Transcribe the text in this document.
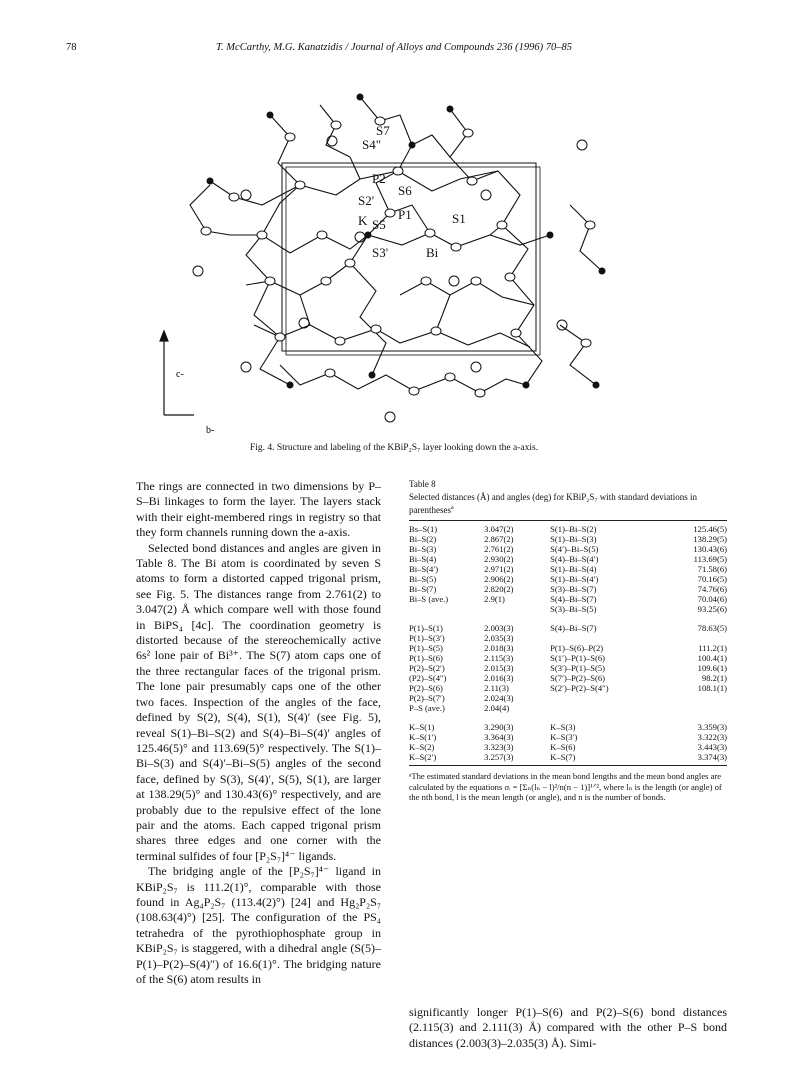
78	T. McCarthy, M.G. Kanatzidis / Journal of Alloys and Compounds 236 (1996) 70–85
S7
S4"
P2
S6
S2'
P1
K S5	S1
S3'	Bi
c-
b-
Fig. 4. Structure and labeling of the KBiP₂S₇ layer looking down the a-axis.

The rings are connected in two dimensions by P–S–Bi linkages to form the layer. The layers stack with their eight-membered rings in registry so that they form channels running down the a-axis.

Selected bond distances and angles are given in Table 8. The Bi atom is coordinated by seven S atoms to form a distorted capped trigonal prism, see Fig. 5. The distances range from 2.761(2) to 3.047(2) Å which compare well with those found in BiPS₄ [4c]. The coordination geometry is distorted because of the stereochemically active 6s² lone pair of Bi³⁺. The S(7) atom caps one of the three rectangular faces of the trigonal prism. The lone pair presumably caps one of the other two faces. Inspection of the angles of the face, defined by S(2), S(4), S(1), S(4)′ (see Fig. 5), reveal S(1)–Bi–S(2) and S(4)–Bi–S(4)′ angles of 125.46(5)° and 113.69(5)° respectively. The S(1)–Bi–S(3) and S(4)′–Bi–S(5) angles of the second face, defined by S(3), S(4)′, S(5), S(1), are larger at 138.29(5)° and 130.43(6)° respectively, and are probably due to the repulsive effect of the lone pair and the atoms. Each capped trigonal prism shares three edges and one corner with the terminal sulfides of four [P₂S₇]⁴⁻ ligands.

The bridging angle of the [P₂S₇]⁴⁻ ligand in KBiP₂S₇ is 111.2(1)°, comparable with those found in Ag₄P₂S₇ (113.4(2)°) [24] and Hg₂P₂S₇ (108.63(4)°) [25]. The configuration of the PS₄ tetrahedra of the pyrothiophosphate group in KBiP₂S₇ is staggered, with a dihedral angle (S(5)–P(1)–P(2)–S(4)″) of 16.6(1)°. The bridging nature of the S(6) atom results in

Table 8
Selected distances (Å) and angles (deg) for KBiP₂S₇ with standard deviations in parentheses$^a$
Bs–S(1)	3.047(2)	S(1)–Bi–S(2)	125.46(5)
Bi–S(2)	2.867(2)	S(1)–Bi–S(3)	138.29(5)
Bi–S(3)	2.761(2)	S(4′)–Bi–S(5)	130.43(6)
Bi–S(4)	2.930(2)	S(4)–Bi–S(4′)	113.69(5)
Bi–S(4′)	2.971(2)	S(1)–Bi–S(4)	71.58(6)
Bi–S(5)	2.906(2)	S(1)–Bi–S(4′)	70.16(5)
Bi–S(7)	2.820(2)	S(3)–Bi–S(7)	74.76(6)
Bi–S (ave.)	2.9(1)	S(4)–Bi–S(7)	70.04(6)
		S(3)–Bi–S(5)	93.25(6)

P(1)–S(1)	2.003(3)	S(4)–Bi–S(7)	78.63(5)
P(1)–S(3′)	2.035(3)		
P(1)–S(5)	2.018(3)	P(1)–S(6)–P(2)	111.2(1)
P(1)–S(6)	2.115(3)	S(1′)–P(1)–S(6)	100.4(1)
P(2)–S(2′)	2.015(3)	S(3′)–P(1)–S(5)	109.6(1)
(P2)–S(4″)	2.016(3)	S(7′)–P(2)–S(6)	98.2(1)
P(2)–S(6)	2.11(3)	S(2′)–P(2)–S(4″)	108.1(1)
P(2)–S(7′)	2.024(3)		
P–S (ave.)	2.04(4)		

K–S(1)	3.290(3)	K–S(3)	3.359(3)
K–S(1′)	3.364(3)	K–S(3′)	3.322(3)
K–S(2)	3.323(3)	K–S(6)	3.443(3)
K–S(2′)	3.257(3)	K–S(7)	3.374(3)
ᵃThe estimated standard deviations in the mean bond lengths and the mean bond angles are calculated by the equations σᵢ = [Σₙ(lₙ − l)²/n(n − 1)]¹ᐟ², where lₙ is the length (or angle) of the nth bond, l is the mean length (or angle), and n is the number of bonds.

significantly longer P(1)–S(6) and P(2)–S(6) bond distances (2.115(3) and 2.111(3) Å) compared with the other P–S bond distances (2.003(3)–2.035(3) Å). Simi-
